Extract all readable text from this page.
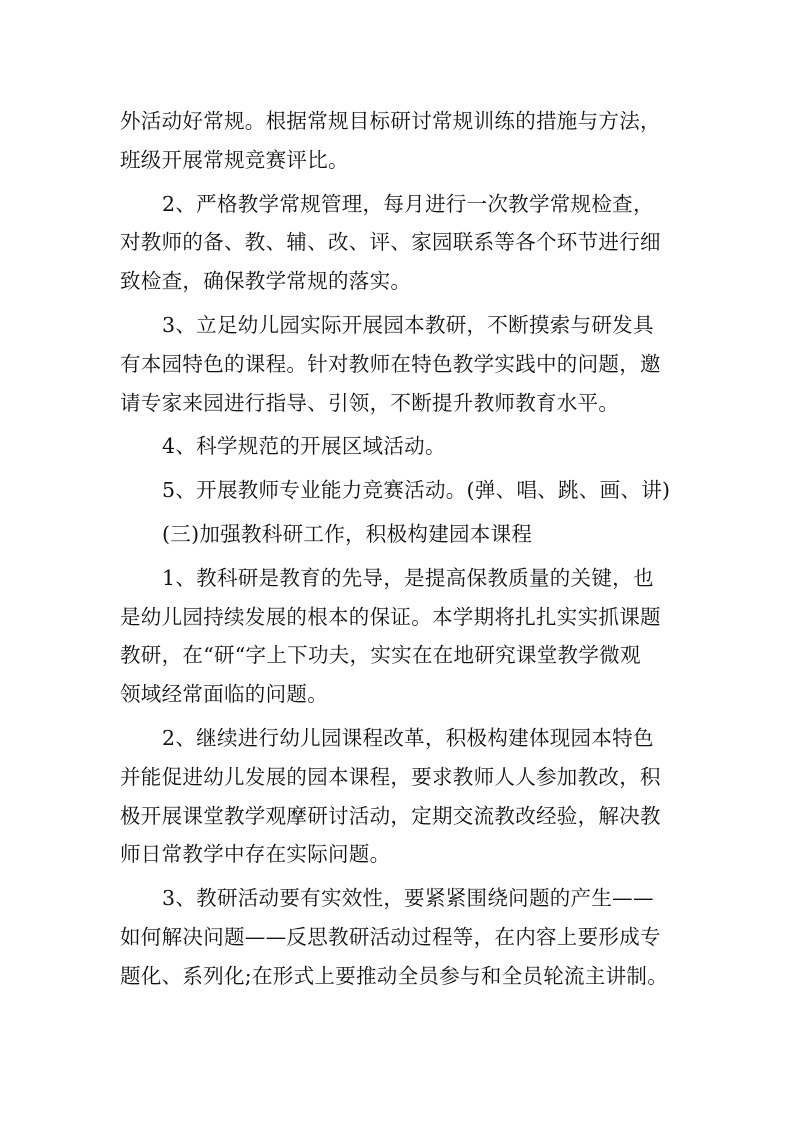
外活动好常规。根据常规目标研讨常规训练的措施与方法，
班级开展常规竞赛评比。

2、严格教学常规管理，每月进行一次教学常规检查，
对教师的备、教、辅、改、评、家园联系等各个环节进行细
致检查，确保教学常规的落实。

3、立足幼儿园实际开展园本教研，不断摸索与研发具
有本园特色的课程。针对教师在特色教学实践中的问题，邀
请专家来园进行指导、引领，不断提升教师教育水平。

4、科学规范的开展区域活动。

5、开展教师专业能力竞赛活动。(弹、唱、跳、画、讲)

(三)加强教科研工作，积极构建园本课程

1、教科研是教育的先导，是提高保教质量的关键，也
是幼儿园持续发展的根本的保证。本学期将扎扎实实抓课题
教研，在“研“字上下功夫，实实在在地研究课堂教学微观
领域经常面临的问题。

2、继续进行幼儿园课程改革，积极构建体现园本特色
并能促进幼儿发展的园本课程，要求教师人人参加教改，积
极开展课堂教学观摩研讨活动，定期交流教改经验，解决教
师日常教学中存在实际问题。

3、教研活动要有实效性，要紧紧围绕问题的产生——
如何解决问题——反思教研活动过程等，在内容上要形成专
题化、系列化;在形式上要推动全员参与和全员轮流主讲制。
